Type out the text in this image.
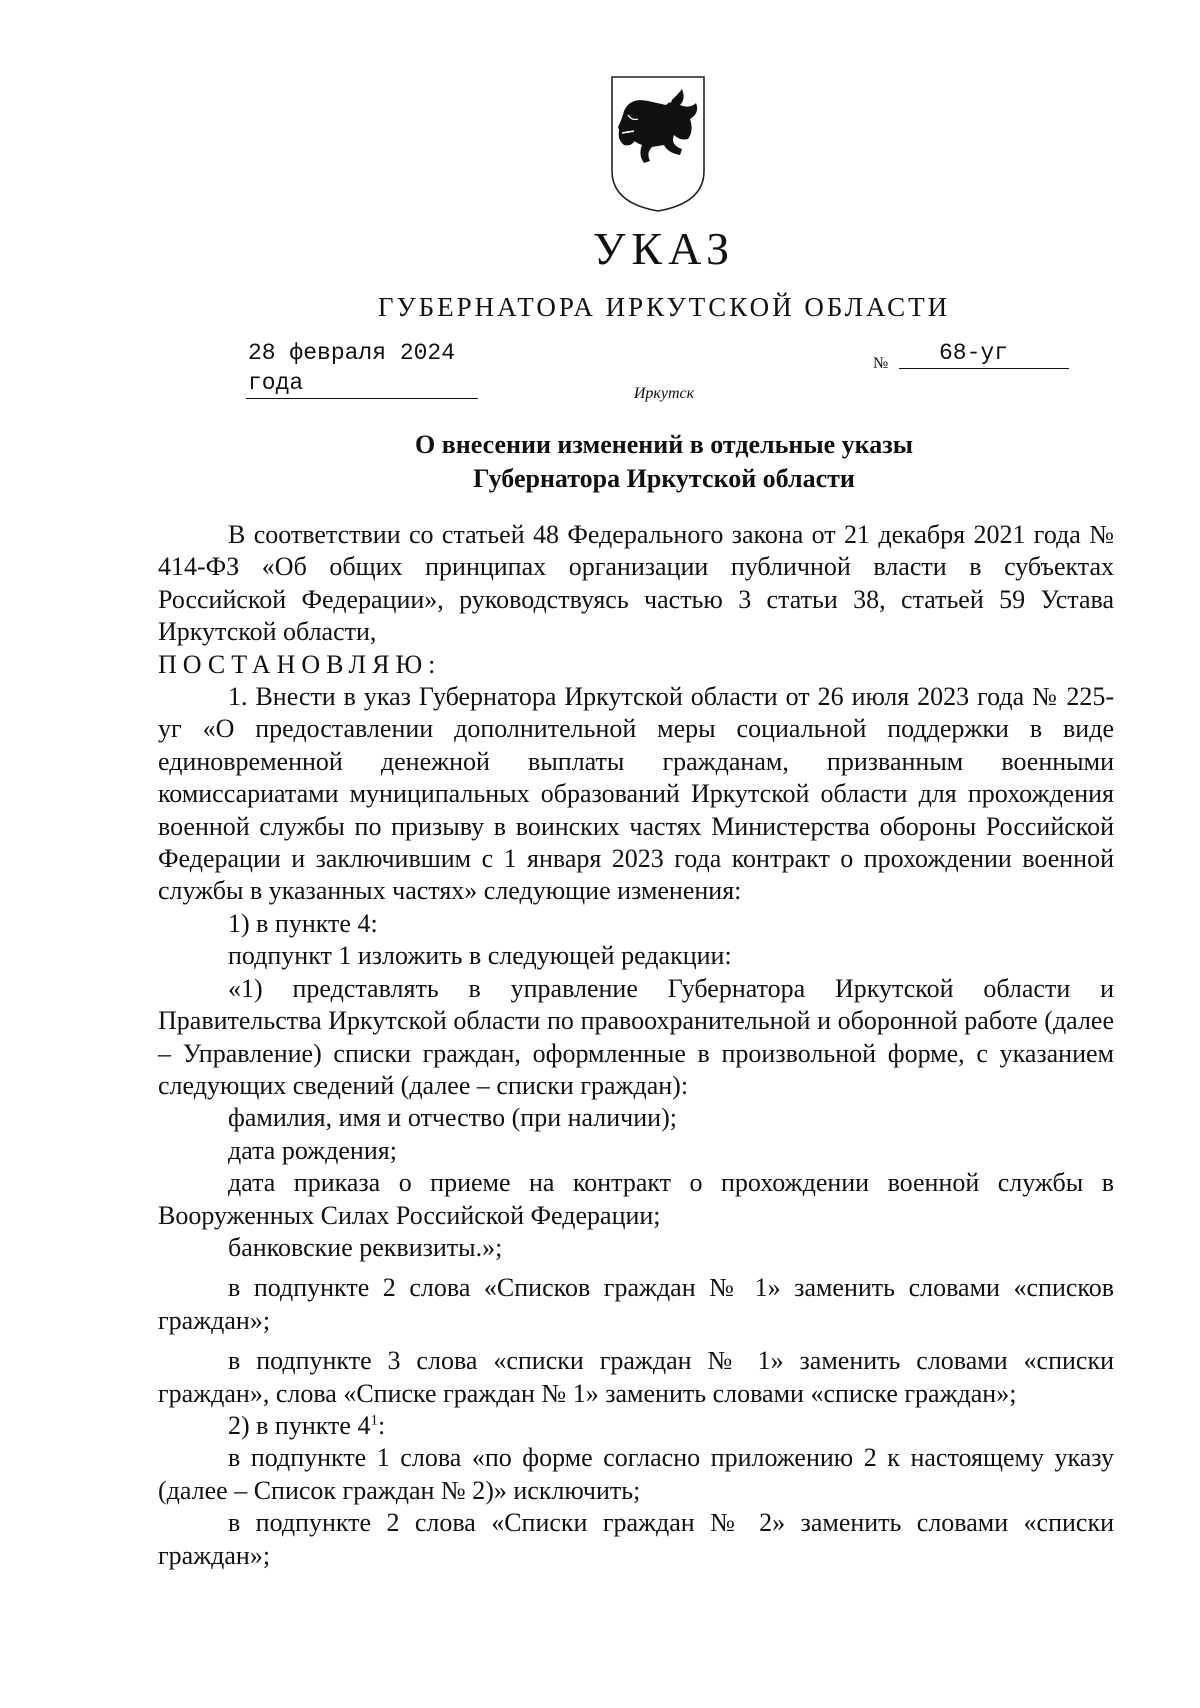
УКАЗ
ГУБЕРНАТОРА ИРКУТСКОЙ ОБЛАСТИ
28 февраля 2024 года
№	68-уг
Иркутск
О внесении изменений в отдельные указы
Губернатора Иркутской области

В соответствии со статьей 48 Федерального закона от 21 декабря 2021 года № 414-ФЗ «Об общих принципах организации публичной власти в субъектах Российской Федерации», руководствуясь частью 3 статьи 38, статьей 59 Устава Иркутской области,

ПОСТАНОВЛЯЮ:

1. Внести в указ Губернатора Иркутской области от 26 июля 2023 года № 225-уг «О предоставлении дополнительной меры социальной поддержки в виде единовременной денежной выплаты гражданам, призванным военными комиссариатами муниципальных образований Иркутской области для прохождения военной службы по призыву в воинских частях Министерства обороны Российской Федерации и заключившим с 1 января 2023 года контракт о прохождении военной службы в указанных частях» следующие изменения:

1) в пункте 4:

подпункт 1 изложить в следующей редакции:

«1) представлять в управление Губернатора Иркутской области и Правительства Иркутской области по правоохранительной и оборонной работе (далее – Управление) списки граждан, оформленные в произвольной форме, с указанием следующих сведений (далее – списки граждан):

фамилия, имя и отчество (при наличии);

дата рождения;

дата приказа о приеме на контракт о прохождении военной службы в Вооруженных Силах Российской Федерации;

банковские реквизиты.»;

в подпункте 2 слова «Списков граждан № 1» заменить словами «списков граждан»;

в подпункте 3 слова «списки граждан № 1» заменить словами «списки граждан», слова «Списке граждан № 1» заменить словами «списке граждан»;

2) в пункте $4^1$:

в подпункте 1 слова «по форме согласно приложению 2 к настоящему указу (далее – Список граждан № 2)» исключить;

в подпункте 2 слова «Списки граждан № 2» заменить словами «списки граждан»;
